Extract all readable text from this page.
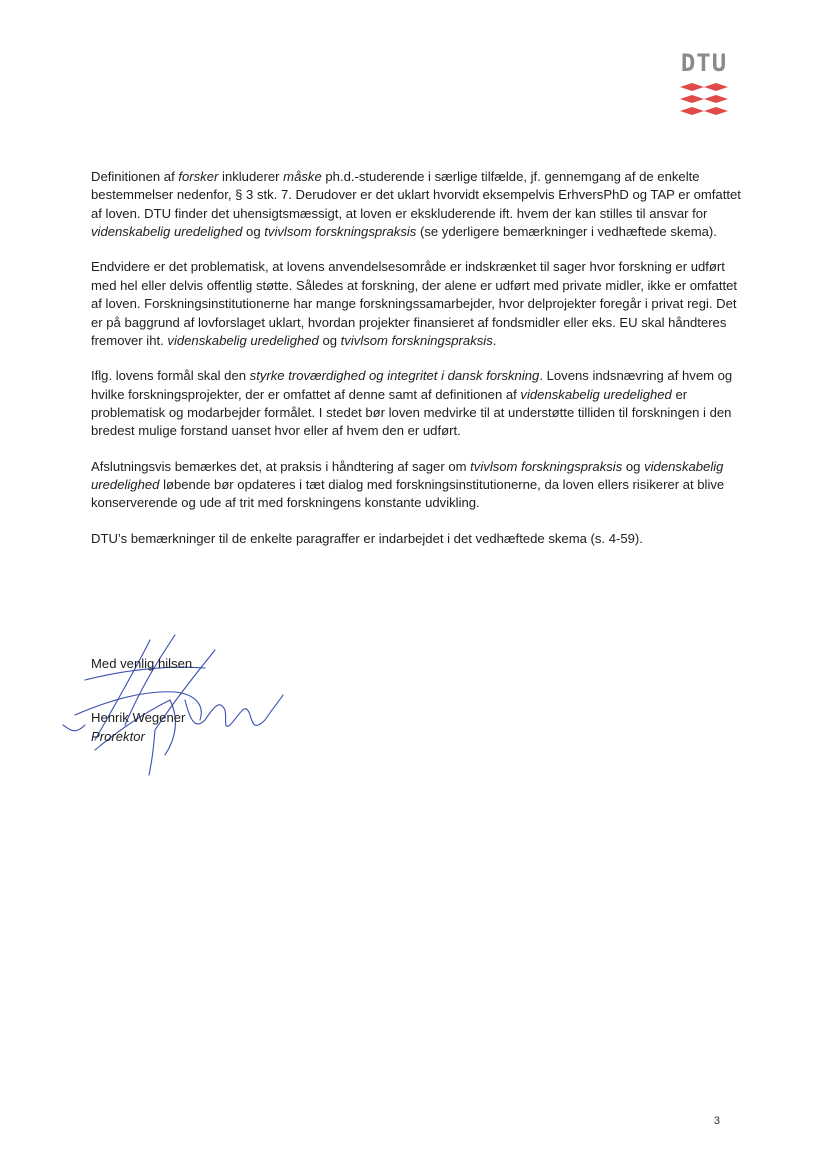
DTU

Definitionen af forsker inkluderer måske ph.d.-studerende i særlige tilfælde, jf. gennemgang af de enkelte bestemmelser nedenfor, § 3 stk. 7. Derudover er det uklart hvorvidt eksempelvis ErhversPhD og TAP er omfattet af loven. DTU finder det uhensigtsmæssigt, at loven er ekskluderende ift. hvem der kan stilles til ansvar for videnskabelig uredelighed og tvivlsom forskningspraksis (se yderligere bemærkninger i vedhæftede skema).

Endvidere er det problematisk, at lovens anvendelsesområde er indskrænket til sager hvor forskning er udført med hel eller delvis offentlig støtte. Således at forskning, der alene er udført med private midler, ikke er omfattet af loven. Forskningsinstitutionerne har mange forskningssamarbejder, hvor delprojekter foregår i privat regi. Det er på baggrund af lovforslaget uklart, hvordan projekter finansieret af fondsmidler eller eks. EU skal håndteres fremover iht. videnskabelig uredelighed og tvivlsom forskningspraksis.

Iflg. lovens formål skal den styrke troværdighed og integritet i dansk forskning. Lovens indsnævring af hvem og hvilke forskningsprojekter, der er omfattet af denne samt af definitionen af videnskabelig uredelighed er problematisk og modarbejder formålet. I stedet bør loven medvirke til at understøtte tilliden til forskningen i den bredest mulige forstand uanset hvor eller af hvem den er udført.

Afslutningsvis bemærkes det, at praksis i håndtering af sager om tvivlsom forskningspraksis og videnskabelig uredelighed løbende bør opdateres i tæt dialog med forskningsinstitutionerne, da loven ellers risikerer at blive konserverende og ude af trit med forskningens konstante udvikling.

DTU’s bemærkninger til de enkelte paragraffer er indarbejdet i det vedhæftede skema (s. 4-59).

Med venlig hilsen
Henrik Wegener
Prorektor
3
